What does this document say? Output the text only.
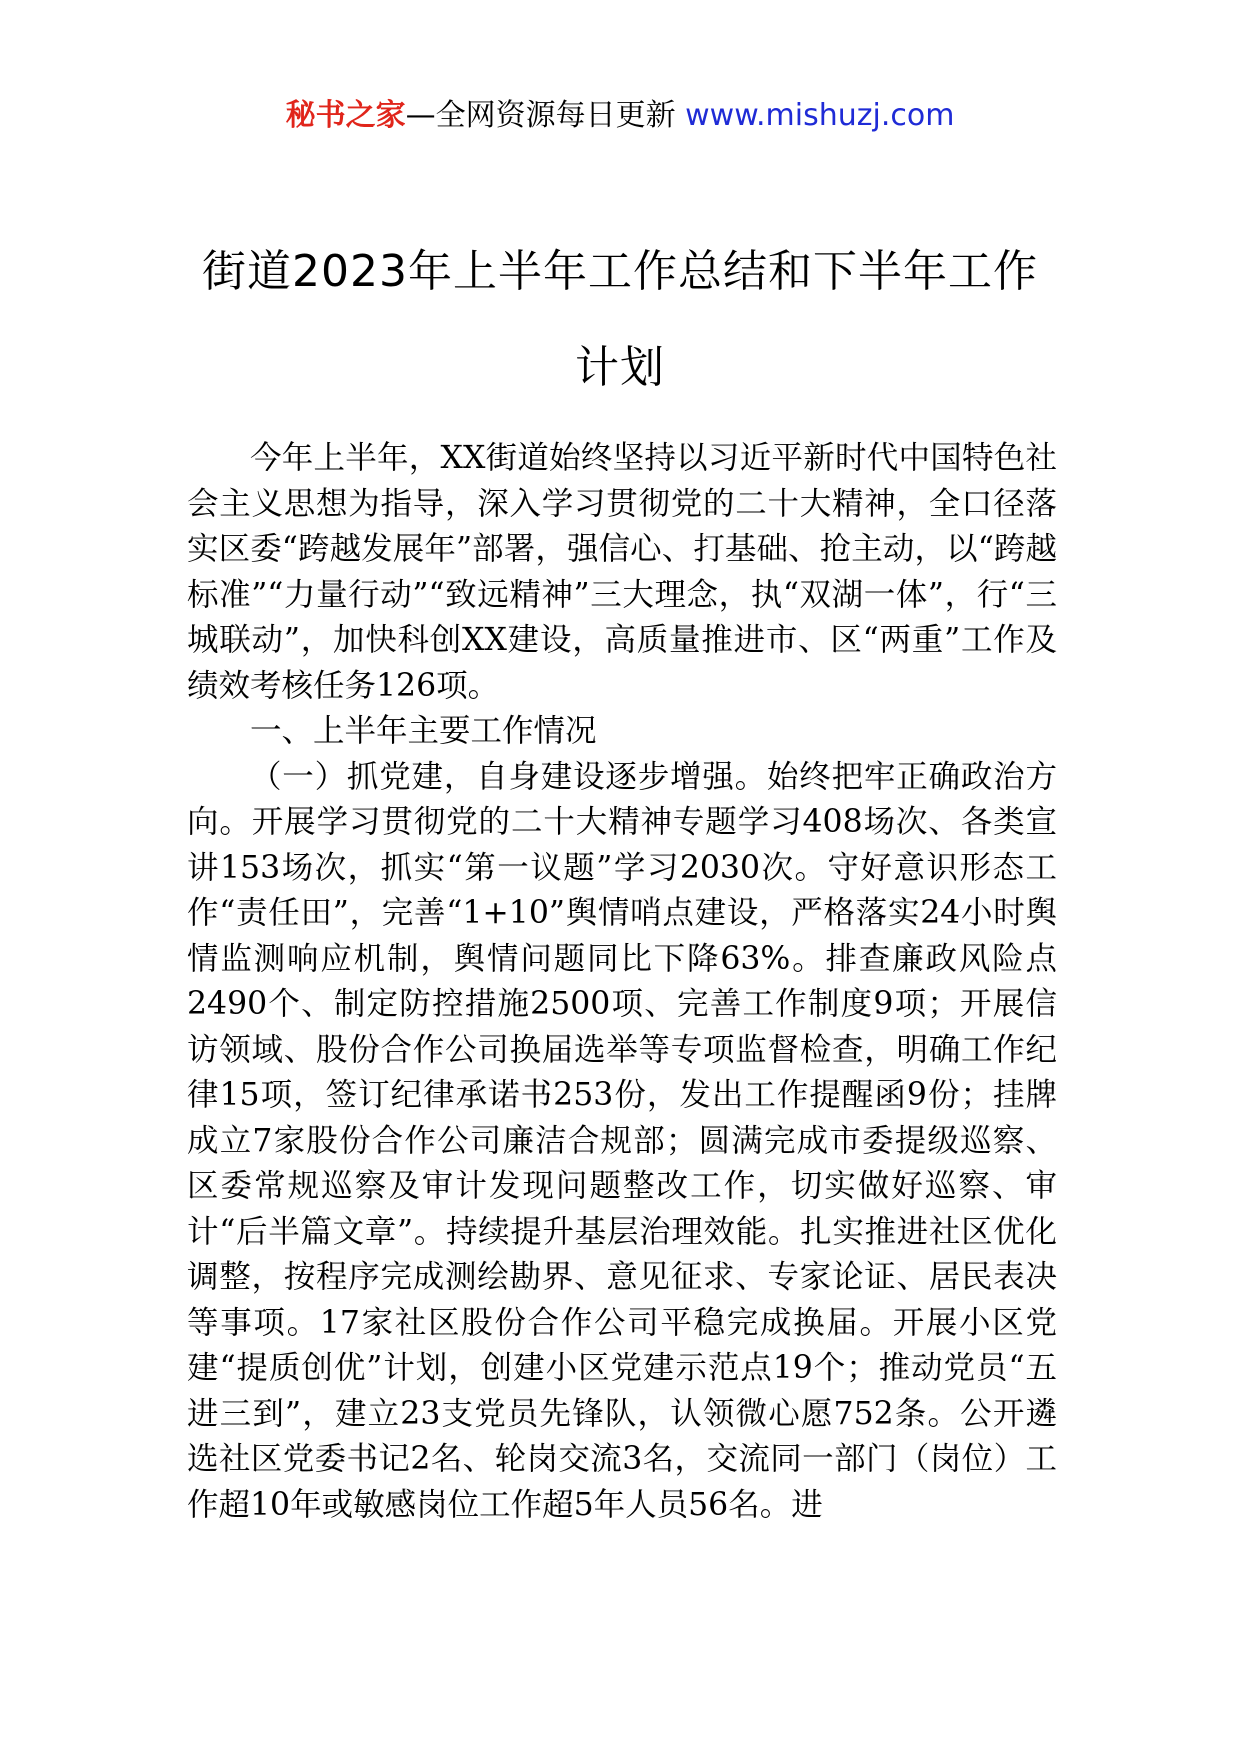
秘书之家—全网资源每日更新 www.mishuzj.com
街道2023年上半年工作总结和下半年工作
计划

今年上半年，XX街道始终坚持以习近平新时代中国特色社会主义思想为指导，深入学习贯彻党的二十大精神，全口径落实区委“跨越发展年”部署，强信心、打基础、抢主动，以“跨越标准”“力量行动”“致远精神”三大理念，执“双湖一体”，行“三城联动”，加快科创XX建设，高质量推进市、区“两重”工作及绩效考核任务126项。

一、上半年主要工作情况

（一）抓党建，自身建设逐步增强。始终把牢正确政治方向。开展学习贯彻党的二十大精神专题学习408场次、各类宣讲153场次，抓实“第一议题”学习2030次。守好意识形态工作“责任田”，完善“1+10”舆情哨点建设，严格落实24小时舆情监测响应机制，舆情问题同比下降63%。排查廉政风险点2490个、制定防控措施2500项、完善工作制度9项；开展信访领域、股份合作公司换届选举等专项监督检查，明确工作纪律15项，签订纪律承诺书253份，发出工作提醒函9份；挂牌成立7家股份合作公司廉洁合规部；圆满完成市委提级巡察、区委常规巡察及审计发现问题整改工作，切实做好巡察、审计“后半篇文章”。持续提升基层治理效能。扎实推进社区优化调整，按程序完成测绘勘界、意见征求、专家论证、居民表决等事项。17家社区股份合作公司平稳完成换届。开展小区党建“提质创优”计划，创建小区党建示范点19个；推动党员“五进三到”，建立23支党员先锋队，认领微心愿752条。公开遴选社区党委书记2名、轮岗交流3名，交流同一部门（岗位）工作超10年或敏感岗位工作超5年人员56名。进
